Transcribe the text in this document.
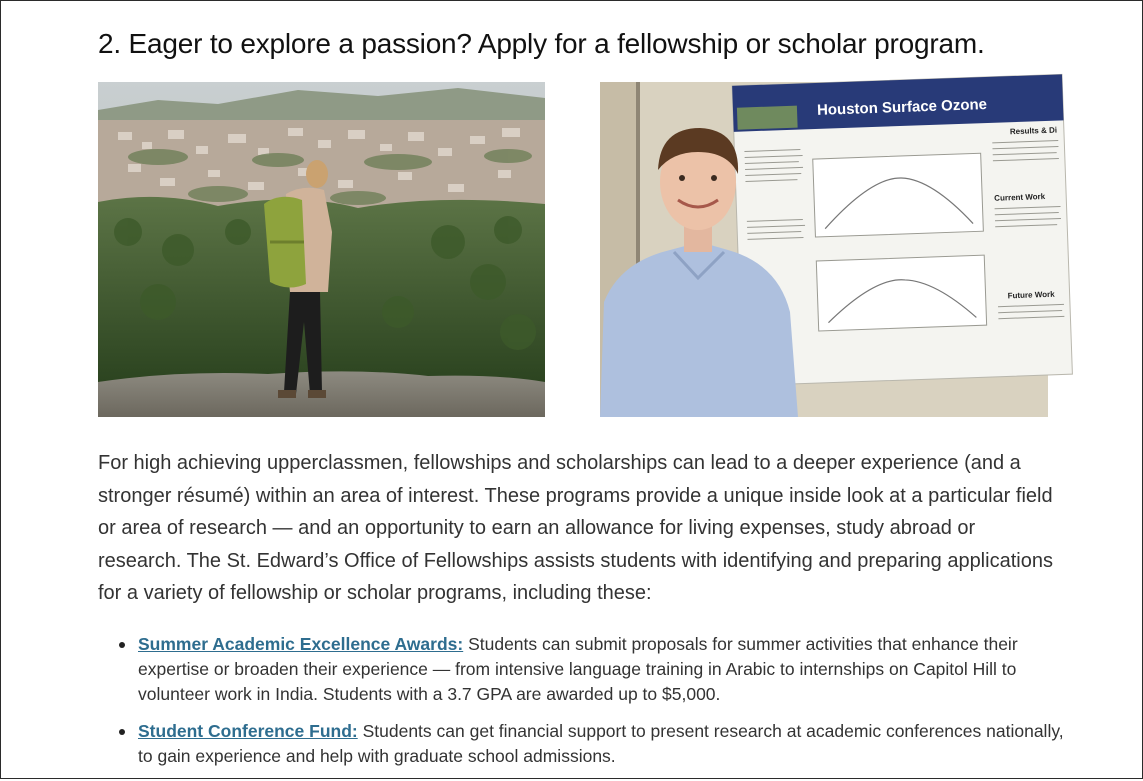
2. Eager to explore a passion? Apply for a fellowship or scholar program.
Houston Surface Ozone
Results & Di
Current Work
Future Work

For high achieving upperclassmen, fellowships and scholarships can lead to a deeper experience (and a stronger résumé) within an area of interest. These programs provide a unique inside look at a particular field or area of research — and an opportunity to earn an allowance for living expenses, study abroad or research. The St. Edward’s Office of Fellowships assists students with identifying and preparing applications for a variety of fellowship or scholar programs, including these:

Summer Academic Excellence Awards: Students can submit proposals for summer activities that enhance their expertise or broaden their experience — from intensive language training in Arabic to internships on Capitol Hill to volunteer work in India. Students with a 3.7 GPA are awarded up to $5,000.
Student Conference Fund: Students can get financial support to present research at academic conferences nationally, to gain experience and help with graduate school admissions.
